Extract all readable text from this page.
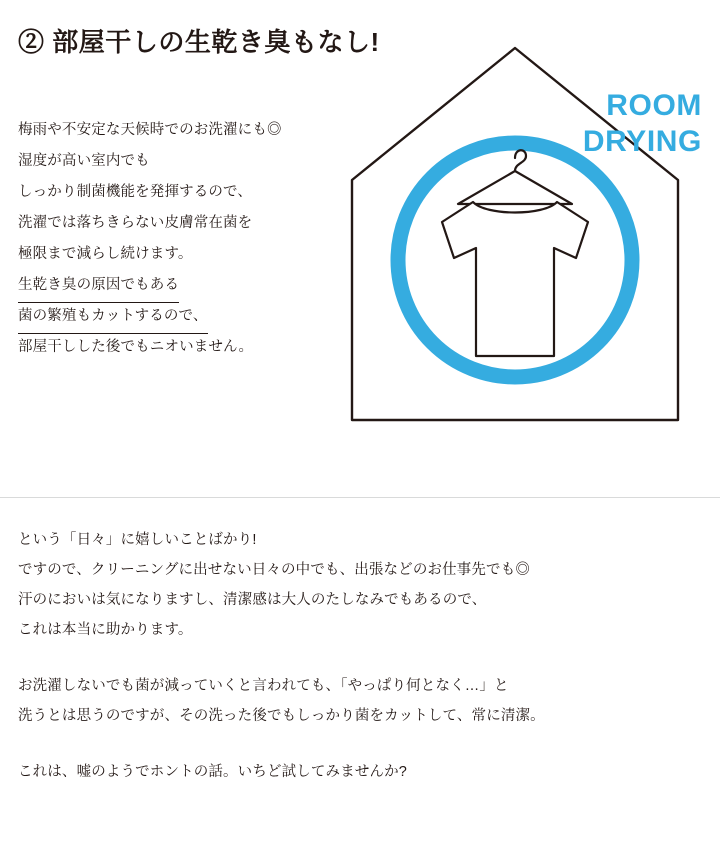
② 部屋干しの生乾き臭もなし!
梅雨や不安定な天候時でのお洗濯にも◎
湿度が高い室内でも
しっかり制菌機能を発揮するので、
洗濯では落ちきらない皮膚常在菌を
極限まで減らし続けます。
生乾き臭の原因でもある
菌の繁殖もカットするので、
部屋干しした後でもニオいません。
ROOM
DRYING
という「日々」に嬉しいことばかり!
ですので、クリーニングに出せない日々の中でも、出張などのお仕事先でも◎
汗のにおいは気になりますし、清潔感は大人のたしなみでもあるので、
これは本当に助かります。
お洗濯しないでも菌が減っていくと言われても、「やっぱり何となく…」と
洗うとは思うのですが、その洗った後でもしっかり菌をカットして、常に清潔。
これは、嘘のようでホントの話。いちど試してみませんか?
